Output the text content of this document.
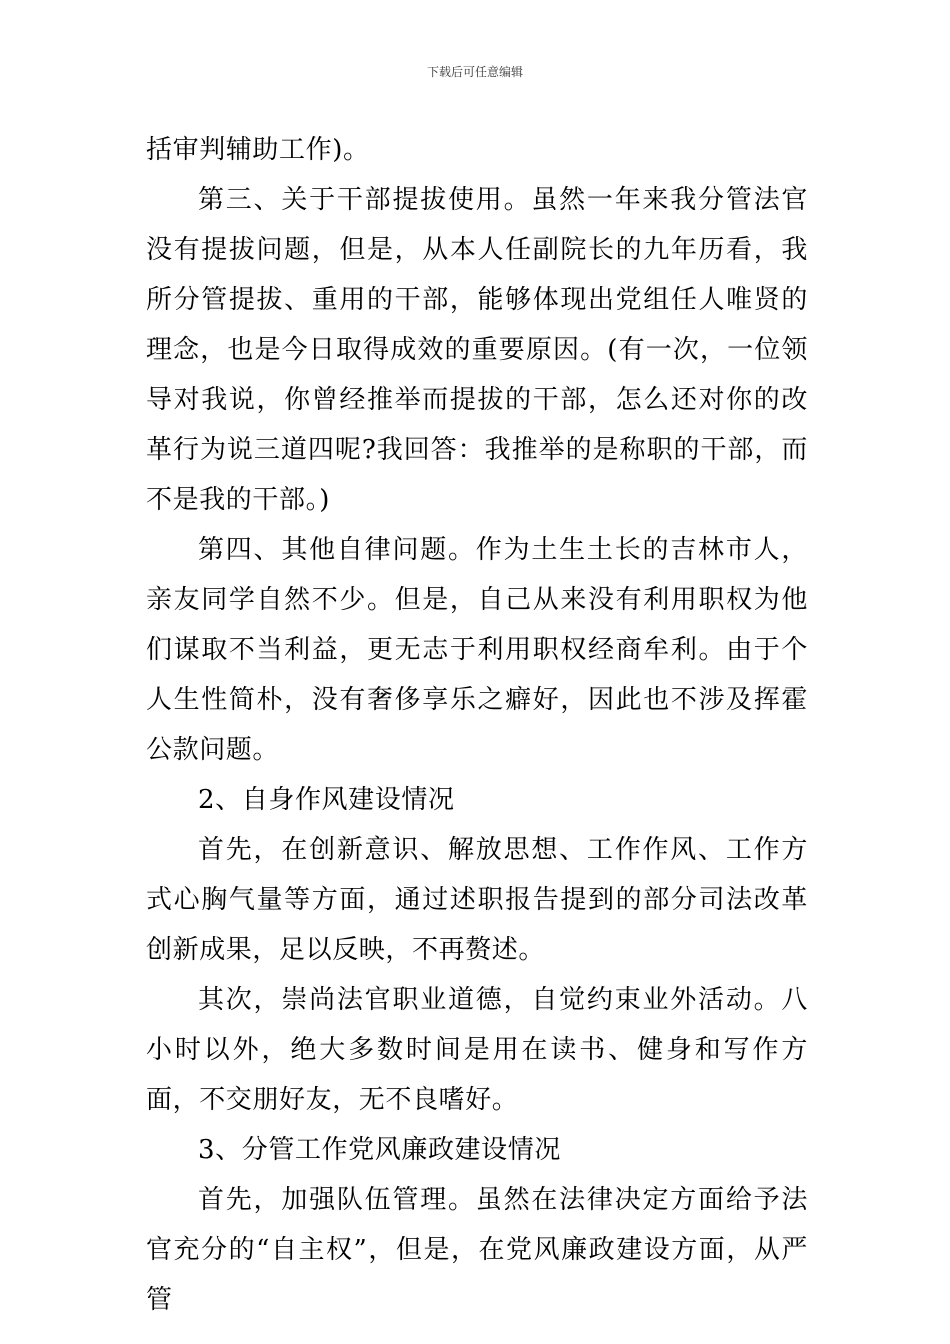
下载后可任意编辑

括审判辅助工作)。

第三、关于干部提拔使用。虽然一年来我分管法官没有提拔问题，但是，从本人任副院长的九年历看，我所分管提拔、重用的干部，能够体现出党组任人唯贤的理念，也是今日取得成效的重要原因。(有一次，一位领导对我说，你曾经推举而提拔的干部，怎么还对你的改革行为说三道四呢?我回答：我推举的是称职的干部，而不是我的干部。)

第四、其他自律问题。作为土生土长的吉林市人，亲友同学自然不少。但是，自己从来没有利用职权为他们谋取不当利益，更无志于利用职权经商牟利。由于个人生性简朴，没有奢侈享乐之癖好，因此也不涉及挥霍公款问题。

2、自身作风建设情况

首先，在创新意识、解放思想、工作作风、工作方式心胸气量等方面，通过述职报告提到的部分司法改革创新成果，足以反映，不再赘述。

其次，崇尚法官职业道德，自觉约束业外活动。八小时以外，绝大多数时间是用在读书、健身和写作方面，不交朋好友，无不良嗜好。

3、分管工作党风廉政建设情况

首先，加强队伍管理。虽然在法律决定方面给予法官充分的“自主权”，但是，在党风廉政建设方面，从严管
